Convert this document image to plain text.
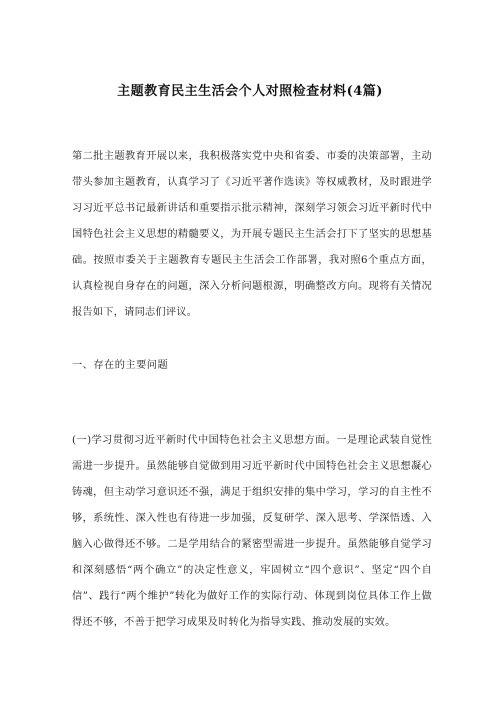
主题教育民主生活会个人对照检查材料(4篇)
第二批主题教育开展以来，我积极落实党中央和省委、市委的决策部署，主动带头参加主题教育，认真学习了《习近平著作选读》等权威教材，及时跟进学习习近平总书记最新讲话和重要指示批示精神，深刻学习领会习近平新时代中国特色社会主义思想的精髓要义，为开展专题民主生活会打下了坚实的思想基础。按照市委关于主题教育专题民主生活会工作部署，我对照6个重点方面，认真检视自身存在的问题，深入分析问题根源，明确整改方向。现将有关情况报告如下，请同志们评议。
一、存在的主要问题
(一)学习贯彻习近平新时代中国特色社会主义思想方面。一是理论武装自觉性需进一步提升。虽然能够自觉做到用习近平新时代中国特色社会主义思想凝心铸魂，但主动学习意识还不强，满足于组织安排的集中学习，学习的自主性不够，系统性、深入性也有待进一步加强，反复研学、深入思考、学深悟透、入脑入心做得还不够。二是学用结合的紧密型需进一步提升。虽然能够自觉学习和深刻感悟“两个确立”的决定性意义，牢固树立“四个意识”、坚定“四个自信”、践行“两个维护”转化为做好工作的实际行动、体现到岗位具体工作上做得还不够，不善于把学习成果及时转化为指导实践、推动发展的实效。
